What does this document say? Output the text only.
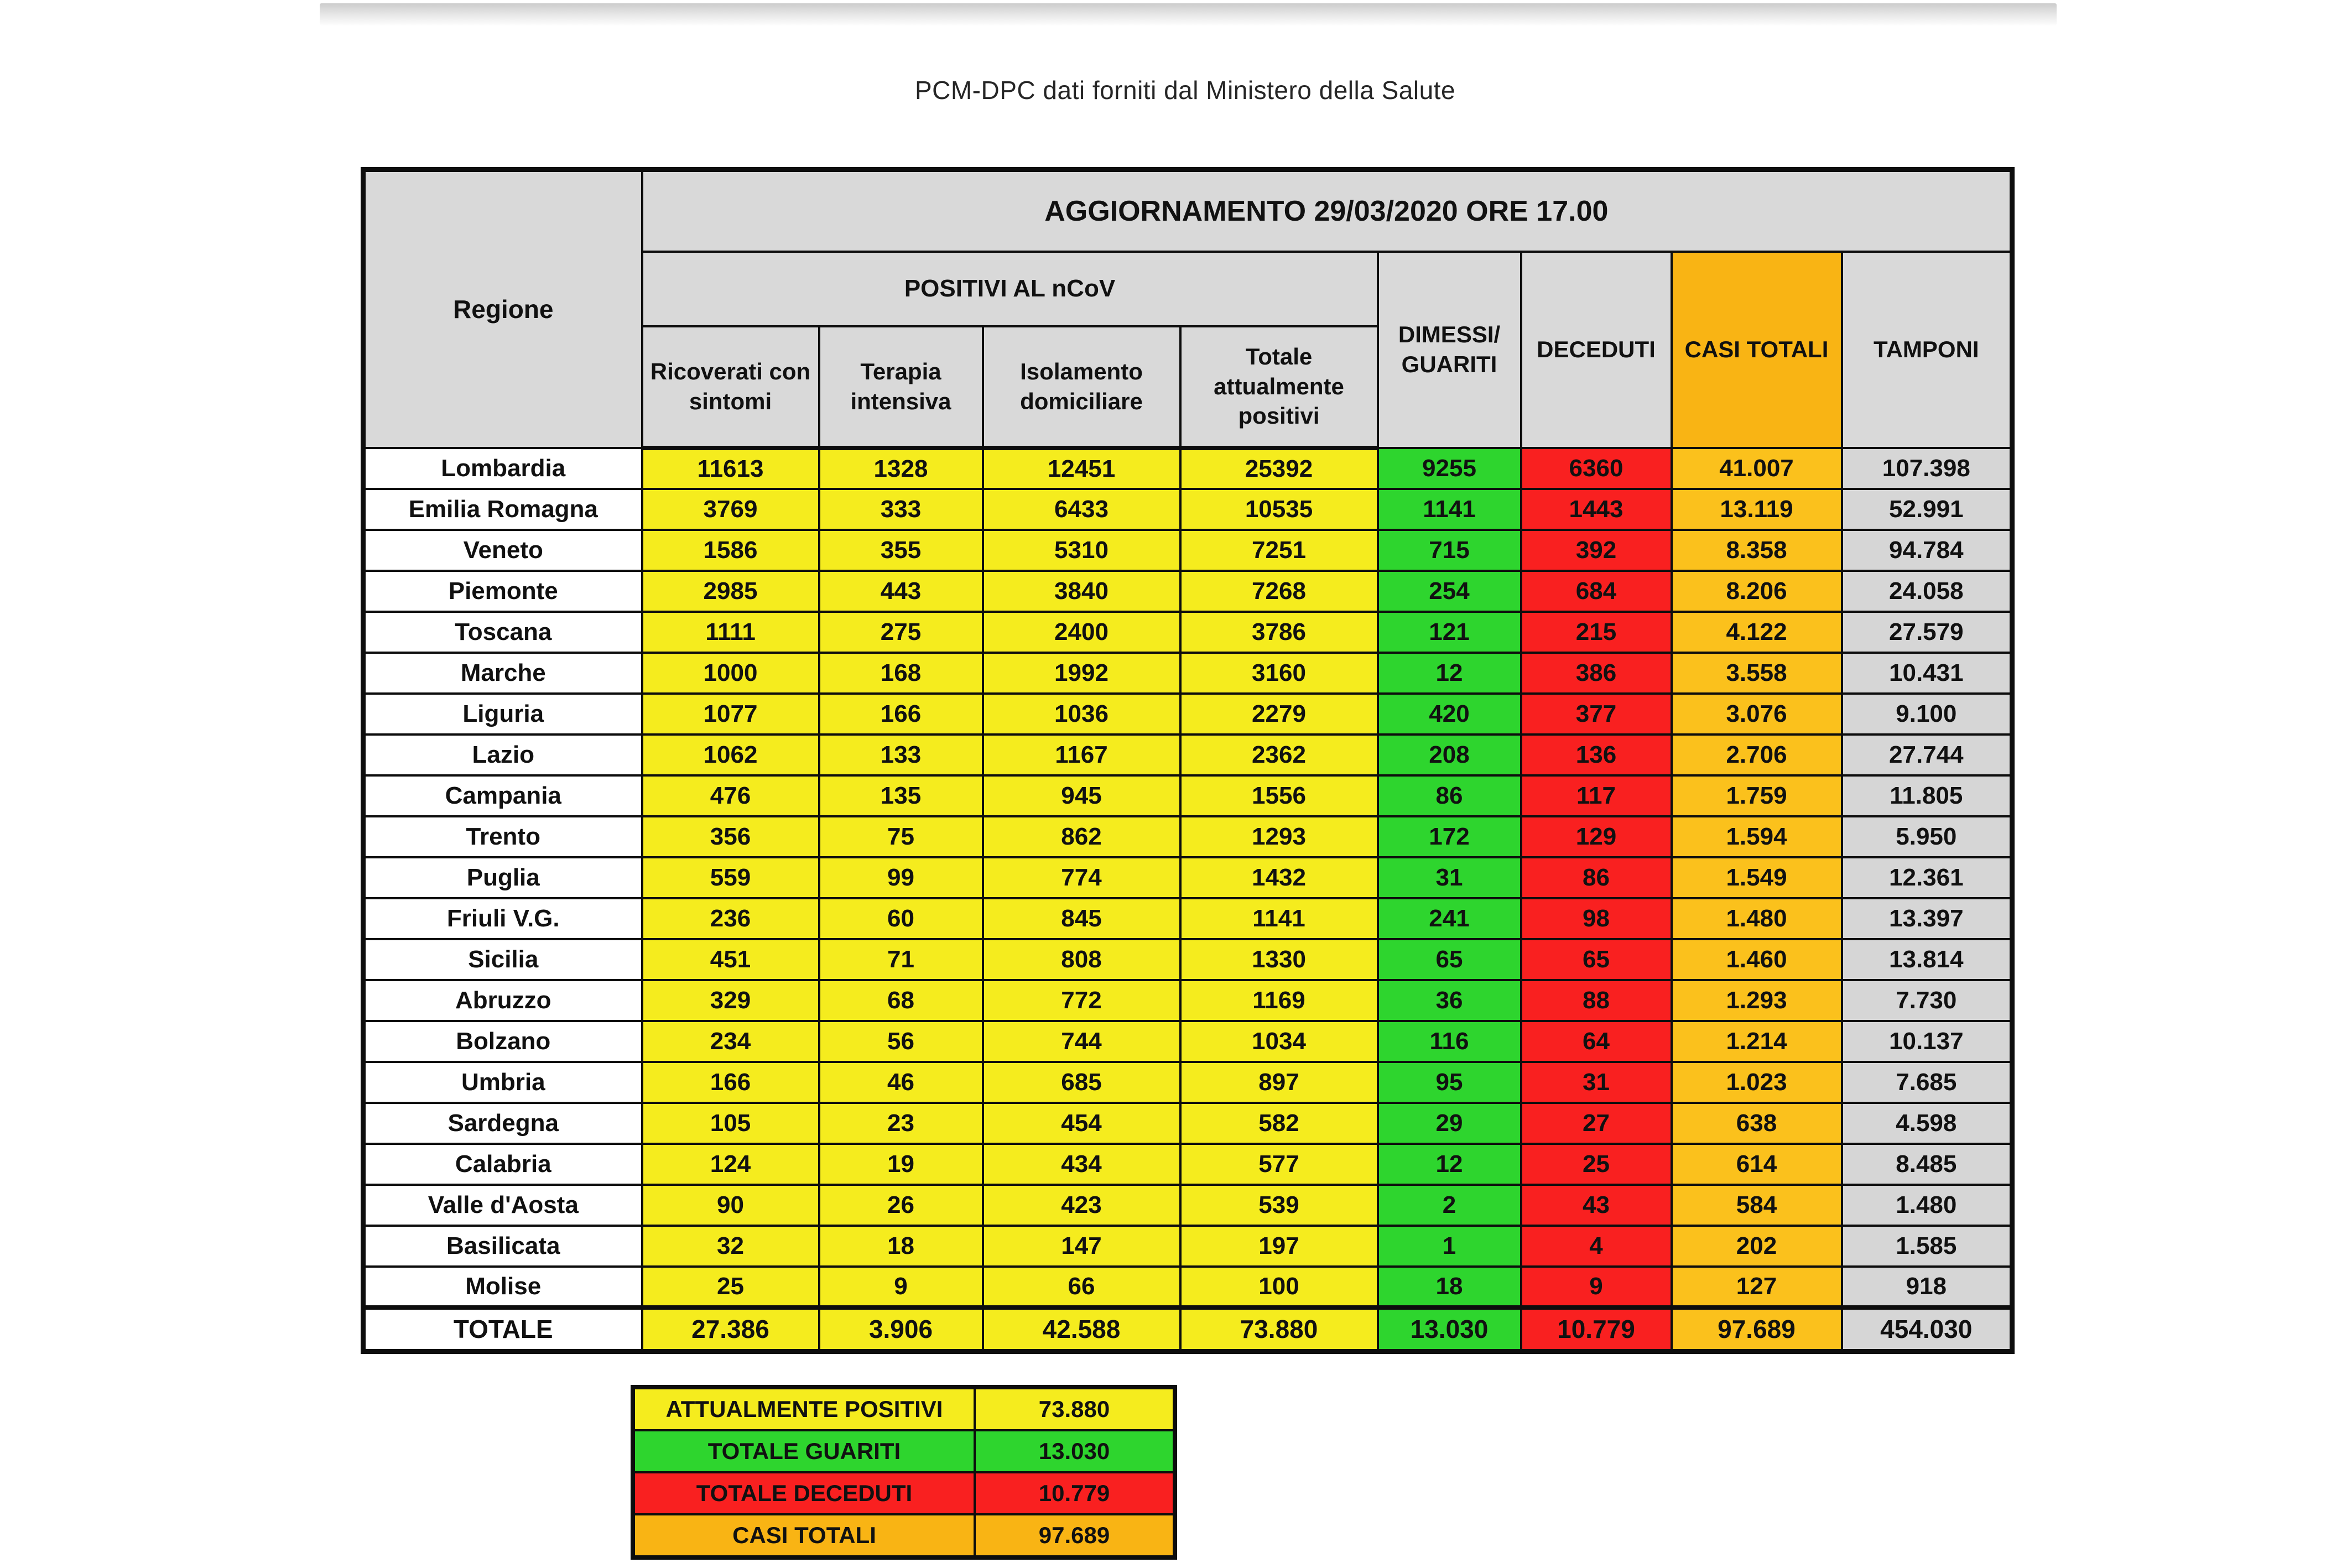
PCM-DPC dati forniti dal Ministero della Salute
Regione	AGGIORNAMENTO 29/03/2020 ORE 17.00							
	POSITIVI AL nCoV				DIMESSI/ GUARITI	DECEDUTI	CASI TOTALI	TAMPONI
	Ricoverati con sintomi	Terapia intensiva	Isolamento domiciliare	Totale attualmente positivi				
Lombardia	11613	1328	12451	25392	9255	6360	41.007	107.398
Emilia Romagna	3769	333	6433	10535	1141	1443	13.119	52.991
Veneto	1586	355	5310	7251	715	392	8.358	94.784
Piemonte	2985	443	3840	7268	254	684	8.206	24.058
Toscana	1111	275	2400	3786	121	215	4.122	27.579
Marche	1000	168	1992	3160	12	386	3.558	10.431
Liguria	1077	166	1036	2279	420	377	3.076	9.100
Lazio	1062	133	1167	2362	208	136	2.706	27.744
Campania	476	135	945	1556	86	117	1.759	11.805
Trento	356	75	862	1293	172	129	1.594	5.950
Puglia	559	99	774	1432	31	86	1.549	12.361
Friuli V.G.	236	60	845	1141	241	98	1.480	13.397
Sicilia	451	71	808	1330	65	65	1.460	13.814
Abruzzo	329	68	772	1169	36	88	1.293	7.730
Bolzano	234	56	744	1034	116	64	1.214	10.137
Umbria	166	46	685	897	95	31	1.023	7.685
Sardegna	105	23	454	582	29	27	638	4.598
Calabria	124	19	434	577	12	25	614	8.485
Valle d'Aosta	90	26	423	539	2	43	584	1.480
Basilicata	32	18	147	197	1	4	202	1.585
Molise	25	9	66	100	18	9	127	918
TOTALE	27.386	3.906	42.588	73.880	13.030	10.779	97.689	454.030
ATTUALMENTE POSITIVI	73.880
TOTALE GUARITI	13.030
TOTALE DECEDUTI	10.779
CASI TOTALI	97.689
